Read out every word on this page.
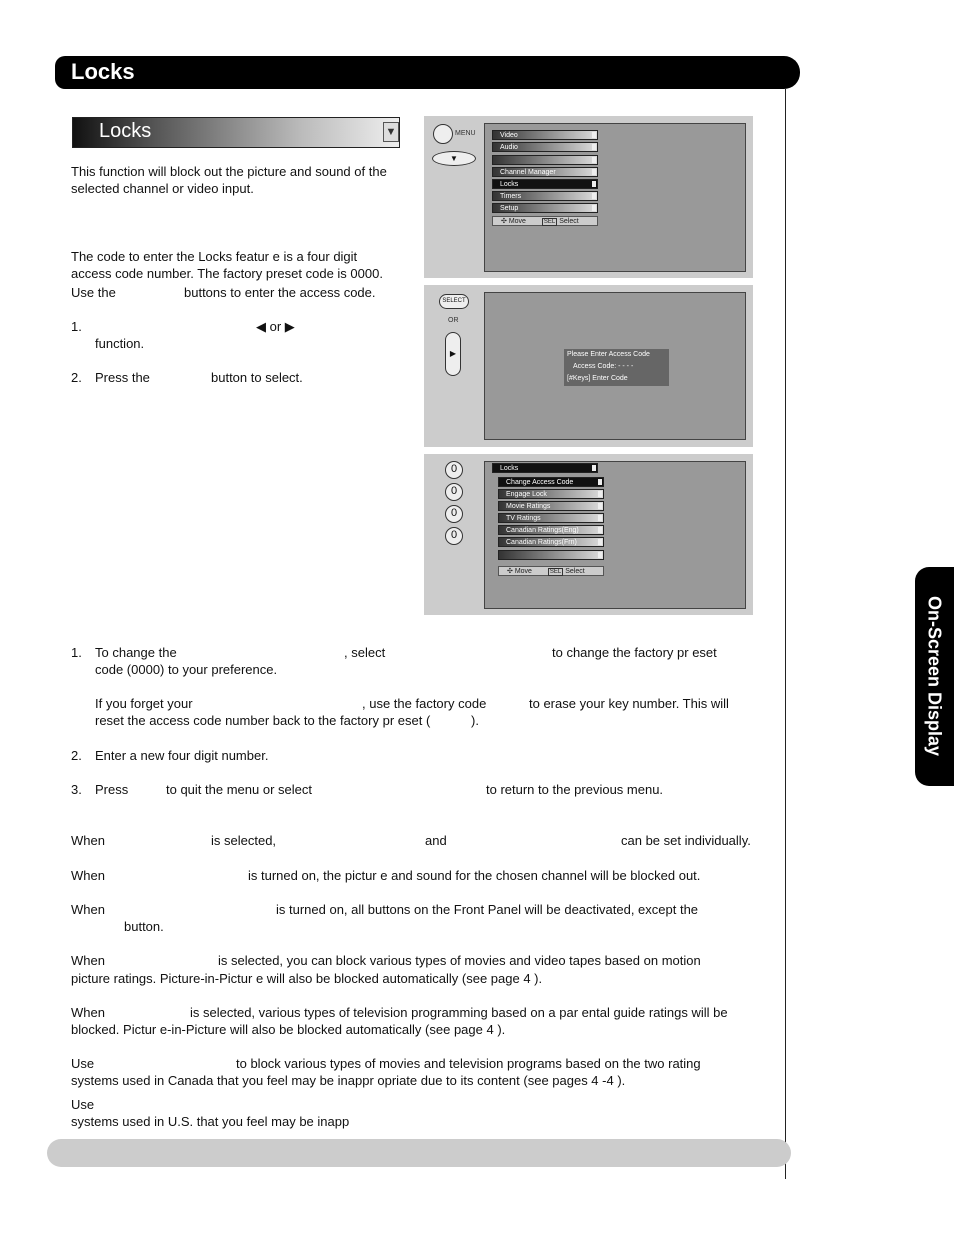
Locks
Locks	▼
On-Screen Display
This function will block out the picture and sound of the
selected channel or video input.
The code to enter the Locks featur e is a four digit
access code number. The factory preset code is 0000.
Use the	buttons to enter the access code.
1.	◀ or ▶
function.
2. Press the	button to select.
MENU
▼
Video
Audio
Channel Manager
Locks
Timers
Setup
✣ Move	SEL Select
SELECT
OR
▶	Please Enter Access Code
Access Code: - - - -
[#Keys] Enter Code
0
0
0
0
Locks
Change Access Code
Engage Lock
Movie Ratings
TV Ratings
Canadian Ratings(Eng)
Canadian Ratings(Frn)
✣ Move	SEL Select
1. To change the	, select	to change the factory pr eset
code (0000) to your preference.
If you forget your	, use the factory code	to erase your key number. This will
reset the access code number back to the factory pr eset (	).
2. Enter a new four digit number.
3. Press	to quit the menu or select	to return to the previous menu.
When	is selected,	and	can be set individually.
When	is turned on, the pictur e and sound for the chosen channel will be blocked out.
When	is turned on, all buttons on the Front Panel will be deactivated, except the
button.
When	is selected, you can block various types of movies and video tapes based on motion
picture ratings. Picture-in-Pictur e will also be blocked automatically (see page 4 ).
When	is selected, various types of television programming based on a par ental guide ratings will be
blocked. Pictur e-in-Picture will also be blocked automatically (see page 4 ).
Use	to block various types of movies and television programs based on the two rating
systems used in Canada that you feel may be inappr opriate due to its content (see pages 4 -4 ).
Use
systems used in U.S. that you feel may be inapp
